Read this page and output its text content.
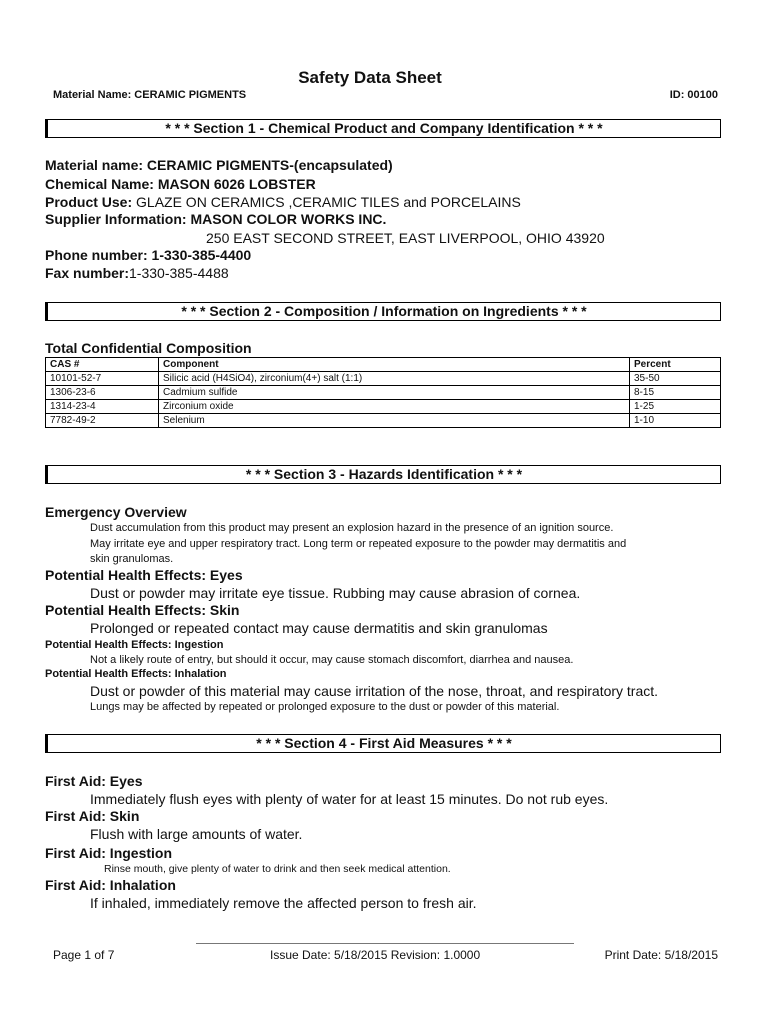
Safety Data Sheet
Material Name: CERAMIC PIGMENTS	ID: 00100
* * * Section 1 - Chemical Product and Company Identification * * *
Material name: CERAMIC PIGMENTS-(encapsulated)
Chemical Name: MASON 6026 LOBSTER
Product Use: GLAZE ON CERAMICS ,CERAMIC TILES and PORCELAINS
Supplier Information: MASON COLOR WORKS INC.
250 EAST SECOND STREET, EAST LIVERPOOL, OHIO 43920
Phone number: 1-330-385-4400
Fax number:1-330-385-4488
* * * Section 2 - Composition / Information on Ingredients * * *
Total Confidential Composition
CAS #	Component	Percent
10101-52-7	Silicic acid (H4SiO4), zirconium(4+) salt (1:1)	35-50
1306-23-6	Cadmium sulfide	8-15
1314-23-4	Zirconium oxide	1-25
7782-49-2	Selenium	1-10
* * * Section 3 - Hazards Identification * * *
Emergency Overview
Dust accumulation from this product may present an explosion hazard in the presence of an ignition source.
May irritate eye and upper respiratory tract. Long term or repeated exposure to the powder may dermatitis and
skin granulomas.
Potential Health Effects: Eyes
Dust or powder may irritate eye tissue. Rubbing may cause abrasion of cornea.
Potential Health Effects: Skin
Prolonged or repeated contact may cause dermatitis and skin granulomas
Potential Health Effects: Ingestion
Not a likely route of entry, but should it occur, may cause stomach discomfort, diarrhea and nausea.
Potential Health Effects: Inhalation
Dust or powder of this material may cause irritation of the nose, throat, and respiratory tract.
Lungs may be affected by repeated or prolonged exposure to the dust or powder of this material.
* * * Section 4 - First Aid Measures * * *
First Aid: Eyes
Immediately flush eyes with plenty of water for at least 15 minutes. Do not rub eyes.
First Aid: Skin
Flush with large amounts of water.
First Aid: Ingestion
Rinse mouth, give plenty of water to drink and then seek medical attention.
First Aid: Inhalation
If inhaled, immediately remove the affected person to fresh air.
Page 1 of 7	Issue Date: 5/18/2015 Revision: 1.0000	Print Date: 5/18/2015
